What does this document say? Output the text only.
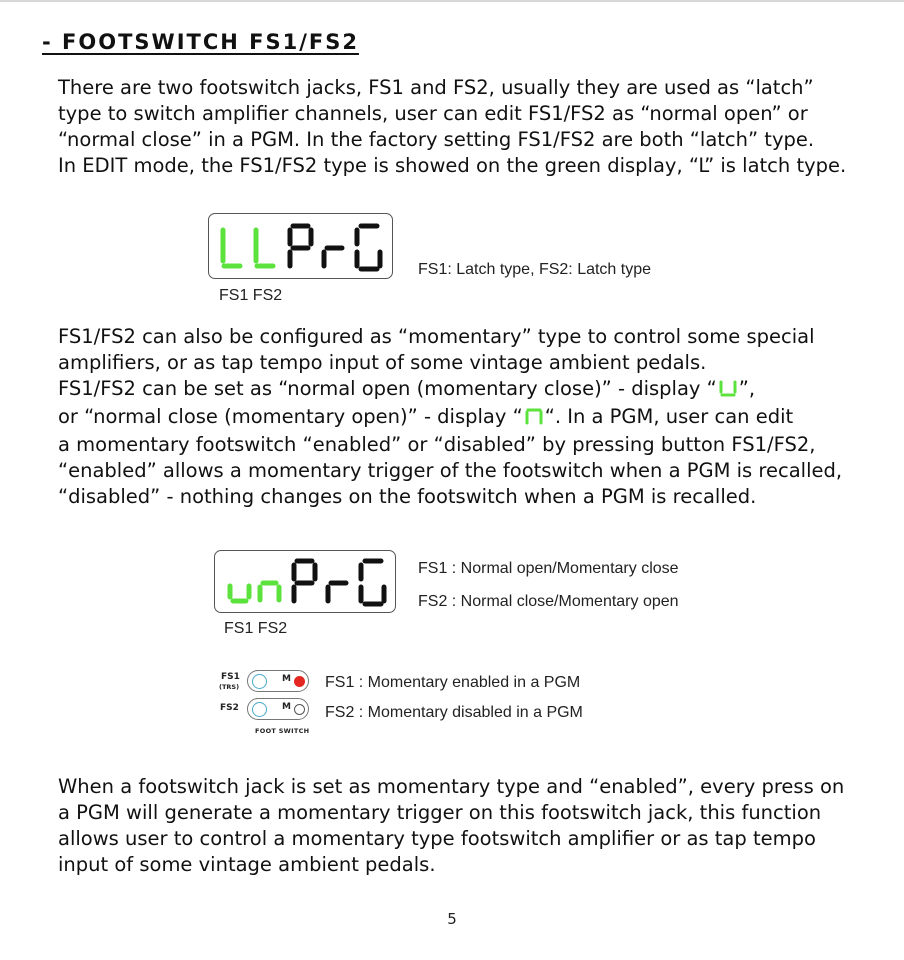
- FOOTSWITCH FS1/FS2
There are two footswitch jacks, FS1 and FS2, usually they are used as “latch”
type to switch amplifier channels, user can edit FS1/FS2 as “normal open” or
“normal close” in a PGM. In the factory setting FS1/FS2 are both “latch” type.
In EDIT mode, the FS1/FS2 type is showed on the green display, “L” is latch type.
FS1 FS2
FS1: Latch type, FS2: Latch type
FS1/FS2 can also be configured as “momentary” type to control some special
amplifiers, or as tap tempo input of some vintage ambient pedals.
FS1/FS2 can be set as “normal open (momentary close)” - display “ ”,
or “normal close (momentary open)” - display “ “. In a PGM, user can edit
a momentary footswitch “enabled” or “disabled” by pressing button FS1/FS2,
“enabled” allows a momentary trigger of the footswitch when a PGM is recalled,
“disabled” - nothing changes on the footswitch when a PGM is recalled.
FS1 FS2
FS1 : Normal open/Momentary close
FS2 : Normal close/Momentary open
FS1
(TRS)
FS2
M
M
FOOT SWITCH
FS1 : Momentary enabled in a PGM
FS2 : Momentary disabled in a PGM
When a footswitch jack is set as momentary type and “enabled”, every press on
a PGM will generate a momentary trigger on this footswitch jack, this function
allows user to control a momentary type footswitch amplifier or as tap tempo
input of some vintage ambient pedals.
5
